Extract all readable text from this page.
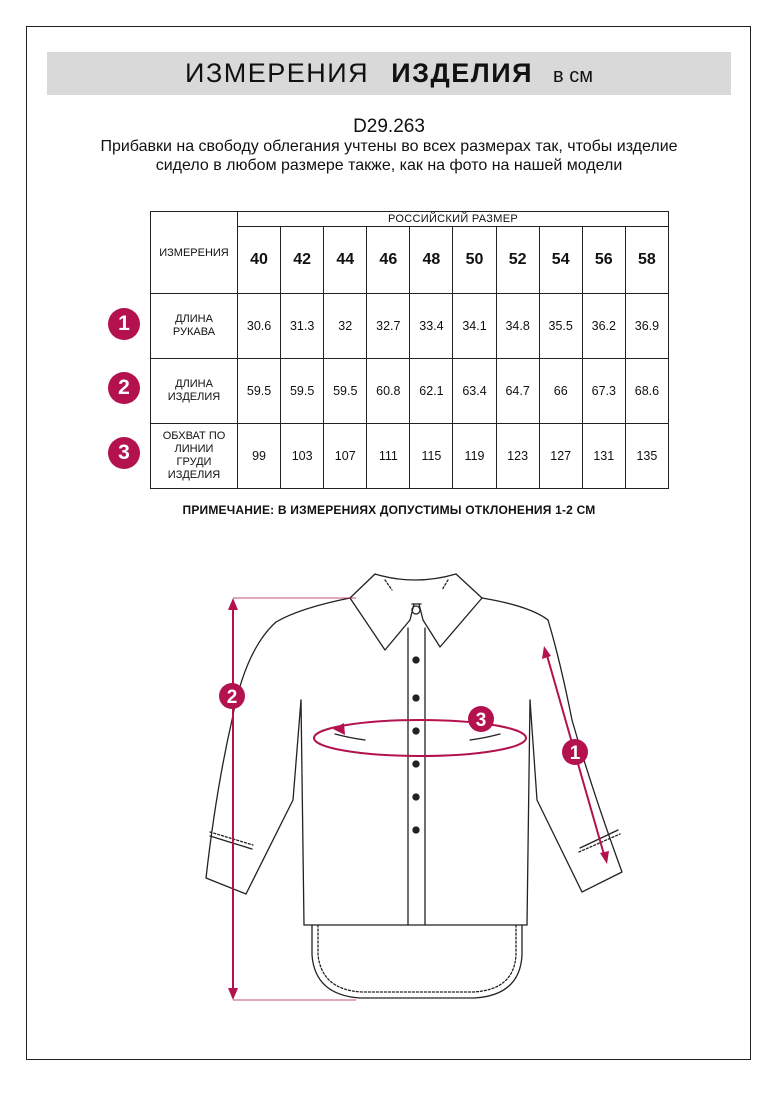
ИЗМЕРЕНИЯ ИЗДЕЛИЯ в см
D29.263
Прибавки на свободу облегания учтены во всех размерах так, чтобы изделие сидело в любом размере также, как на фото на нашей модели
ИЗМЕРЕНИЯ	РОССИЙСКИЙ РАЗМЕР									
	40	42	44	46	48	50	52	54	56	58
ДЛИНА
РУКАВА	30.6	31.3	32	32.7	33.4	34.1	34.8	35.5	36.2	36.9
ДЛИНА
ИЗДЕЛИЯ	59.5	59.5	59.5	60.8	62.1	63.4	64.7	66	67.3	68.6
ОБХВАТ ПО
ЛИНИИ
ГРУДИ
ИЗДЕЛИЯ	99	103	107	111	115	119	123	127	131	135
1
2
3
ПРИМЕЧАНИЕ: В ИЗМЕРЕНИЯХ ДОПУСТИМЫ ОТКЛОНЕНИЯ 1-2 СМ
2
3
1
